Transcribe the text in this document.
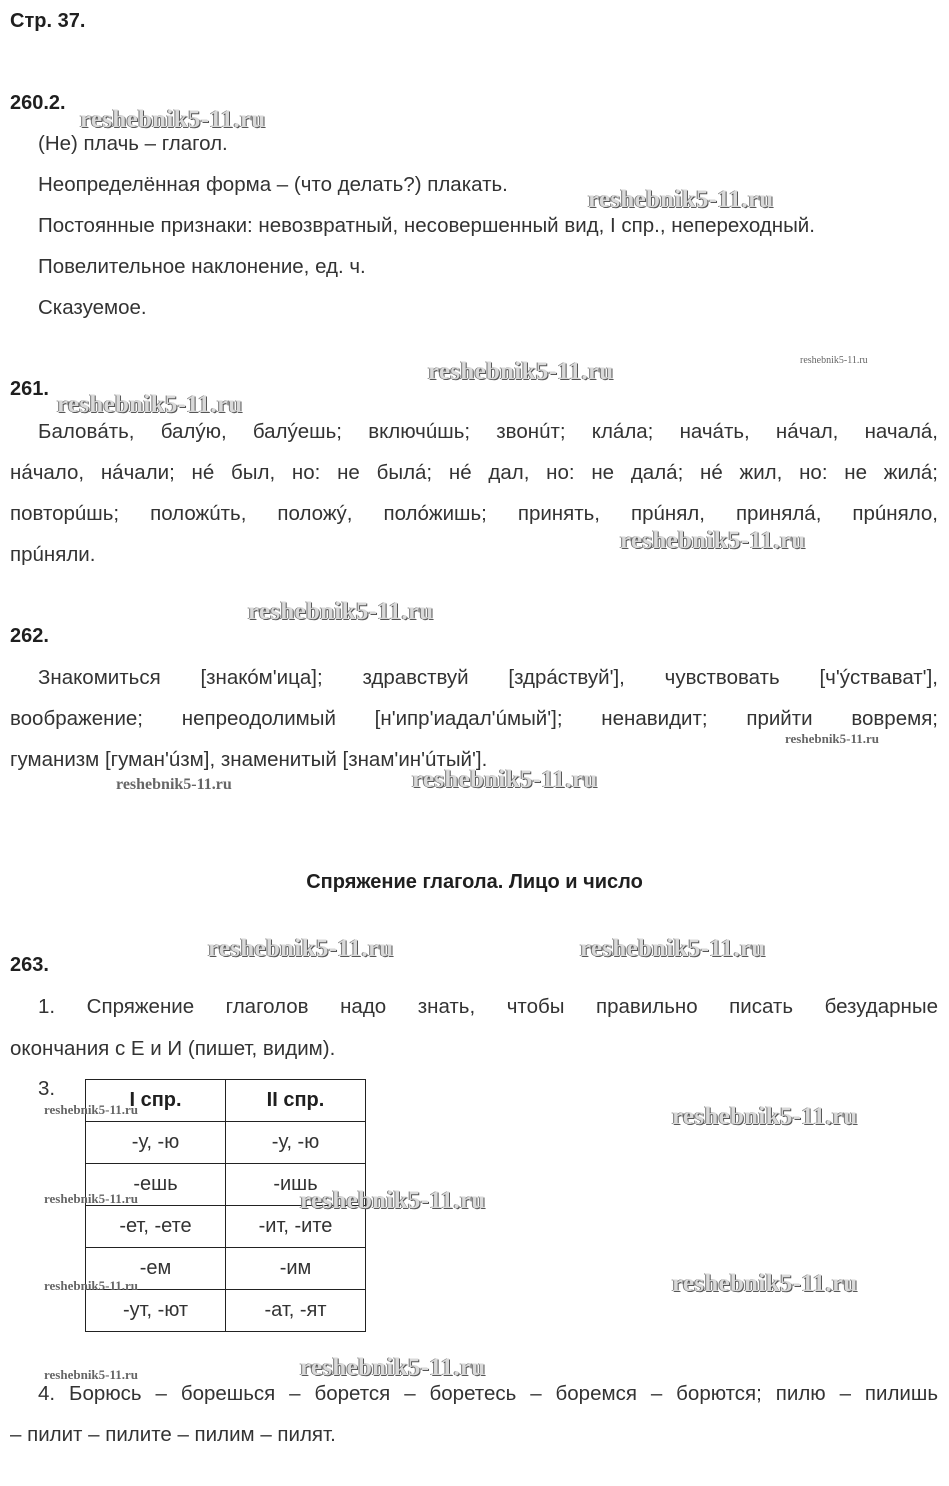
Стр. 37.
260.2.
(Не) плачь – глагол.
Неопределённая форма – (что делать?) плакать.
Постоянные признаки: невозвратный, несовершенный вид, I спр., непереходный.
Повелительное наклонение, ед. ч.
Сказуемое.
261.
Баловáть, балýю, балýешь; включúшь; звонúт; клáла; начáть, нáчал, началá,
нáчало, нáчали; нé был, но: не былá; нé дал, но: не далá; нé жил, но: не жилá;
повторúшь; положúть, положý, полóжишь; принять, прúнял, принялá, прúняло,
прúняли.
262.
Знакомиться [знакóм'ица]; здравствуй [здрáствуй'], чувствовать [ч'ýствават'],
воображение; непреодолимый [н'ипр'иадал'úмый']; ненавидит; прийти вовремя;
гуманизм [гуман'úзм], знаменитый [знам'ин'úтый'].
Спряжение глагола. Лицо и число
263.
1. Спряжение глаголов надо знать, чтобы правильно писать безударные
окончания с Е и И (пишет, видим).
3.	I спр.	II спр.
-у, -ю	-у, -ю
-ешь	-ишь
-ет, -ете	-ит, -ите
-ем	-им
-ут, -ют	-ат, -ят
4. Борюсь – борешься – борется – боретесь – боремся – борются; пилю – пилишь
– пилит – пилите – пилим – пилят.
reshebnik5-11.ru
reshebnik5-11.ru
reshebnik5-11.ru	reshebnik5-11.ru
reshebnik5-11.ru
reshebnik5-11.ru
reshebnik5-11.ru
reshebnik5-11.ru
reshebnik5-11.ru
reshebnik5-11.ru
reshebnik5-11.ru	reshebnik5-11.ru
reshebnik5-11.ru	reshebnik5-11.ru
reshebnik5-11.ru	reshebnik5-11.ru
reshebnik5-11.ru	reshebnik5-11.ru
reshebnik5-11.ru	reshebnik5-11.ru
